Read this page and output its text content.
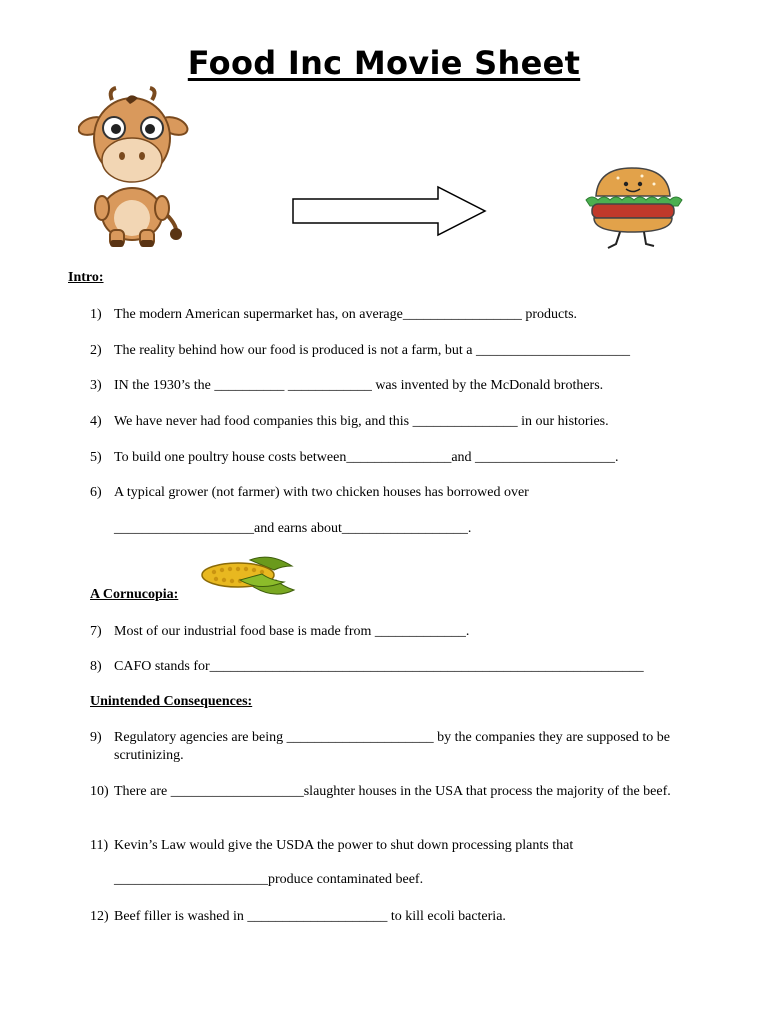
Food Inc Movie Sheet
Intro:
A Cornucopia:
Unintended Consequences:
1) The modern American supermarket has, on average_________________ products.
2) The reality behind how our food is produced is not a farm, but a ______________________
3) IN the 1930’s the __________ ____________ was invented by the McDonald brothers.
4) We have never had food companies this big, and this _______________ in our histories.
5) To build one poultry house costs between_______________and ____________________.
6) A typical grower (not farmer) with two chicken houses has borrowed over
____________________and earns about__________________.
7) Most of our industrial food base is made from _____________.
8) CAFO stands for______________________________________________________________
9) Regulatory agencies are being _____________________ by the companies they are supposed to be scrutinizing.
10) There are ___________________slaughter houses in the USA that process the majority of the beef.
11) Kevin’s Law would give the USDA the power to shut down processing plants that
______________________produce contaminated beef.
12) Beef filler is washed in ____________________ to kill ecoli bacteria.
